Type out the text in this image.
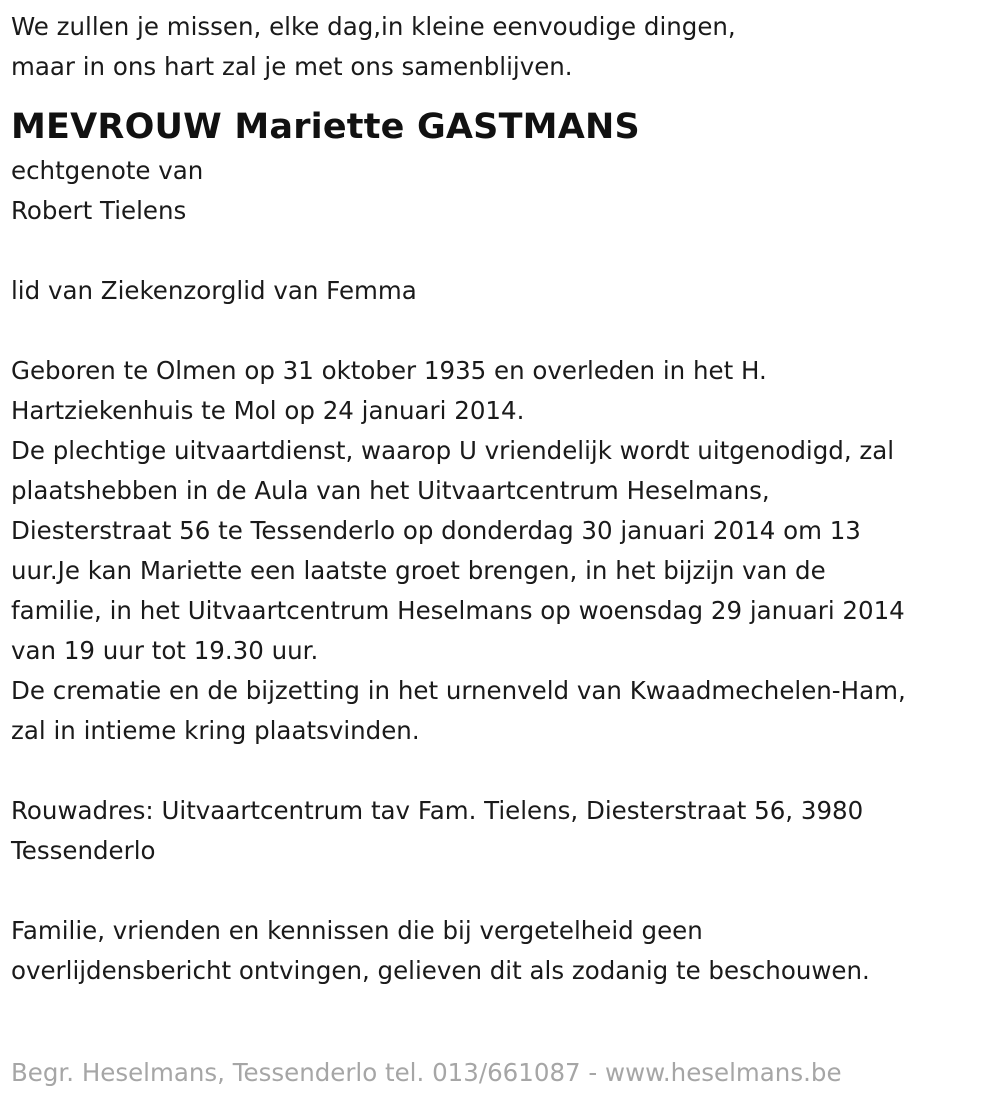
We zullen je missen, elke dag,in kleine eenvoudige dingen,
maar in ons hart zal je met ons samenblijven.
MEVROUW Mariette GASTMANS
echtgenote van
Robert Tielens
lid van Ziekenzorglid van Femma
Geboren te Olmen op 31 oktober 1935 en overleden in het H.
Hartziekenhuis te Mol op 24 januari 2014.
De plechtige uitvaartdienst, waarop U vriendelijk wordt uitgenodigd, zal
plaatshebben in de Aula van het Uitvaartcentrum Heselmans,
Diesterstraat 56 te Tessenderlo op donderdag 30 januari 2014 om 13
uur.Je kan Mariette een laatste groet brengen, in het bijzijn van de
familie, in het Uitvaartcentrum Heselmans op woensdag 29 januari 2014
van 19 uur tot 19.30 uur.
De crematie en de bijzetting in het urnenveld van Kwaadmechelen-Ham,
zal in intieme kring plaatsvinden.
Rouwadres: Uitvaartcentrum tav Fam. Tielens, Diesterstraat 56, 3980
Tessenderlo
Familie, vrienden en kennissen die bij vergetelheid geen
overlijdensbericht ontvingen, gelieven dit als zodanig te beschouwen.
Begr. Heselmans, Tessenderlo tel. 013/661087 - www.heselmans.be
